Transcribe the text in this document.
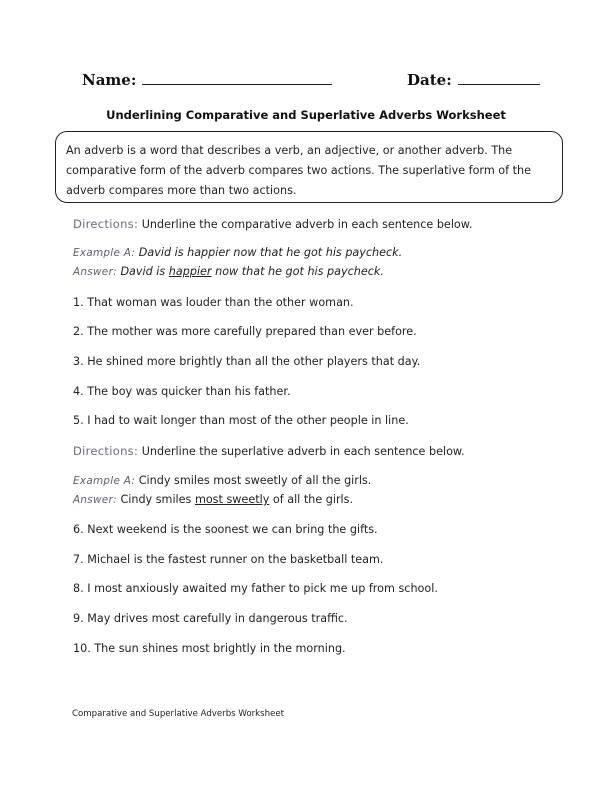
Name:	Date:
Underlining Comparative and Superlative Adverbs Worksheet
An adverb is a word that describes a verb, an adjective, or another adverb. The comparative form of the adverb compares two actions. The superlative form of the adverb compares more than two actions.
Directions: Underline the comparative adverb in each sentence below.
Example A: David is happier now that he got his paycheck.
Answer: David is happier now that he got his paycheck.
1. That woman was louder than the other woman.
2. The mother was more carefully prepared than ever before.
3. He shined more brightly than all the other players that day.
4. The boy was quicker than his father.
5. I had to wait longer than most of the other people in line.
Directions: Underline the superlative adverb in each sentence below.
Example A: Cindy smiles most sweetly of all the girls.
Answer: Cindy smiles most sweetly of all the girls.
6. Next weekend is the soonest we can bring the gifts.
7. Michael is the fastest runner on the basketball team.
8. I most anxiously awaited my father to pick me up from school.
9. May drives most carefully in dangerous traffic.
10. The sun shines most brightly in the morning.
Comparative and Superlative Adverbs Worksheet
